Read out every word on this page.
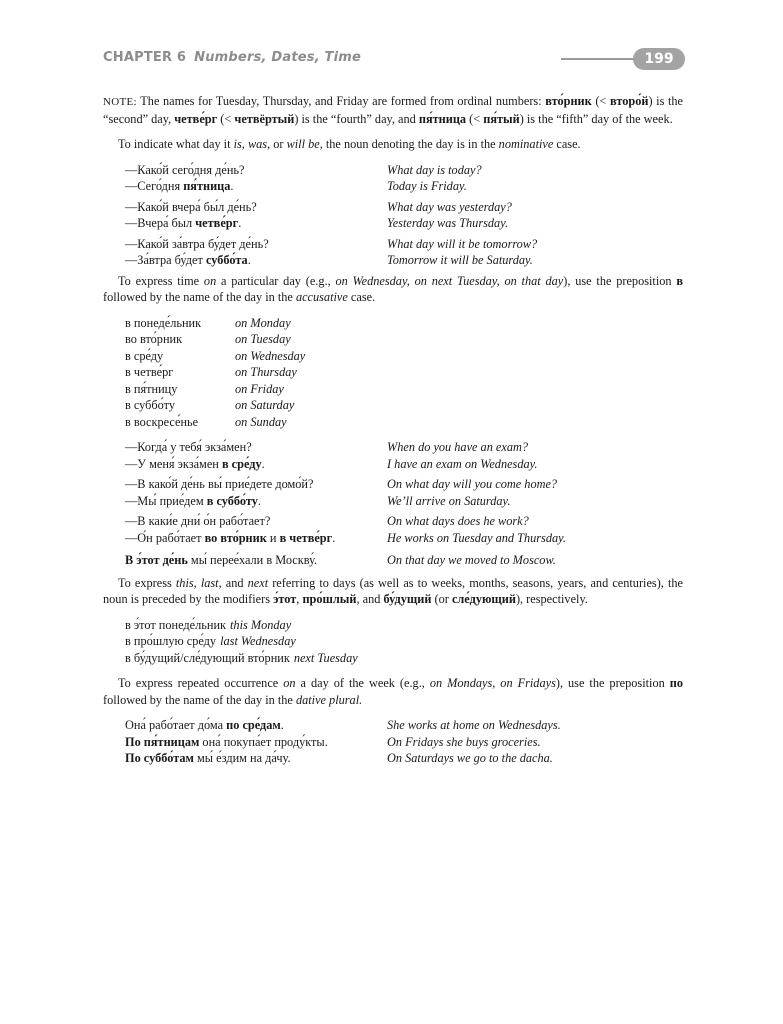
CHAPTER 6 Numbers, Dates, Time	199

NOTE: The names for Tuesday, Thursday, and Friday are formed from ordinal numbers: вто́рник (< второ́й) is the “second” day, четве́рг (< четвёртый) is the “fourth” day, and пя́тница (< пя́тый) is the “fifth” day of the week.

To indicate what day it is, was, or will be, the noun denoting the day is in the nominative case.

—Како́й сего́дня де́нь?	What day is today?
—Сего́дня пя́тница.	Today is Friday.
—Како́й вчера́ бы́л де́нь?	What day was yesterday?
—Вчера́ был четве́рг.	Yesterday was Thursday.
—Како́й за́втра бу́дет де́нь?	What day will it be tomorrow?
—За́втра бу́дет суббо́та.	Tomorrow it will be Saturday.

To express time on a particular day (e.g., on Wednesday, on next Tuesday, on that day), use the preposition в followed by the name of the day in the accusative case.

в понеде́льник	on Monday
во вто́рник	on Tuesday
в сре́ду	on Wednesday
в четве́рг	on Thursday
в пя́тницу	on Friday
в суббо́ту	on Saturday
в воскресе́нье	on Sunday
—Когда́ у тебя́ экза́мен?	When do you have an exam?
—У меня́ экза́мен в сре́ду.	I have an exam on Wednesday.
—В како́й де́нь вы́ прие́дете домо́й?	On what day will you come home?
—Мы́ прие́дем в суббо́ту.	We’ll arrive on Saturday.
—В каки́е дни́ о́н рабо́тает?	On what days does he work?
—О́н рабо́тает во вто́рник и в четве́рг.	He works on Tuesday and Thursday.
В э́тот де́нь мы́ перее́хали в Москву́.	On that day we moved to Moscow.

To express this, last, and next referring to days (as well as to weeks, months, seasons, years, and centuries), the noun is preceded by the modifiers э́тот, про́шлый, and бу́дущий (or сле́дующий), respectively.

в э́тот понеде́льник this Monday
в про́шлую сре́ду last Wednesday
в бу́дущий/сле́дующий вто́рник next Tuesday

To express repeated occurrence on a day of the week (e.g., on Mondays, on Fridays), use the preposition по followed by the name of the day in the dative plural.

Она́ рабо́тает до́ма по сре́дам.	She works at home on Wednesdays.
По пя́тницам она́ покупа́ет проду́кты.	On Fridays she buys groceries.
По суббо́там мы́ е́здим на да́чу.	On Saturdays we go to the dacha.
